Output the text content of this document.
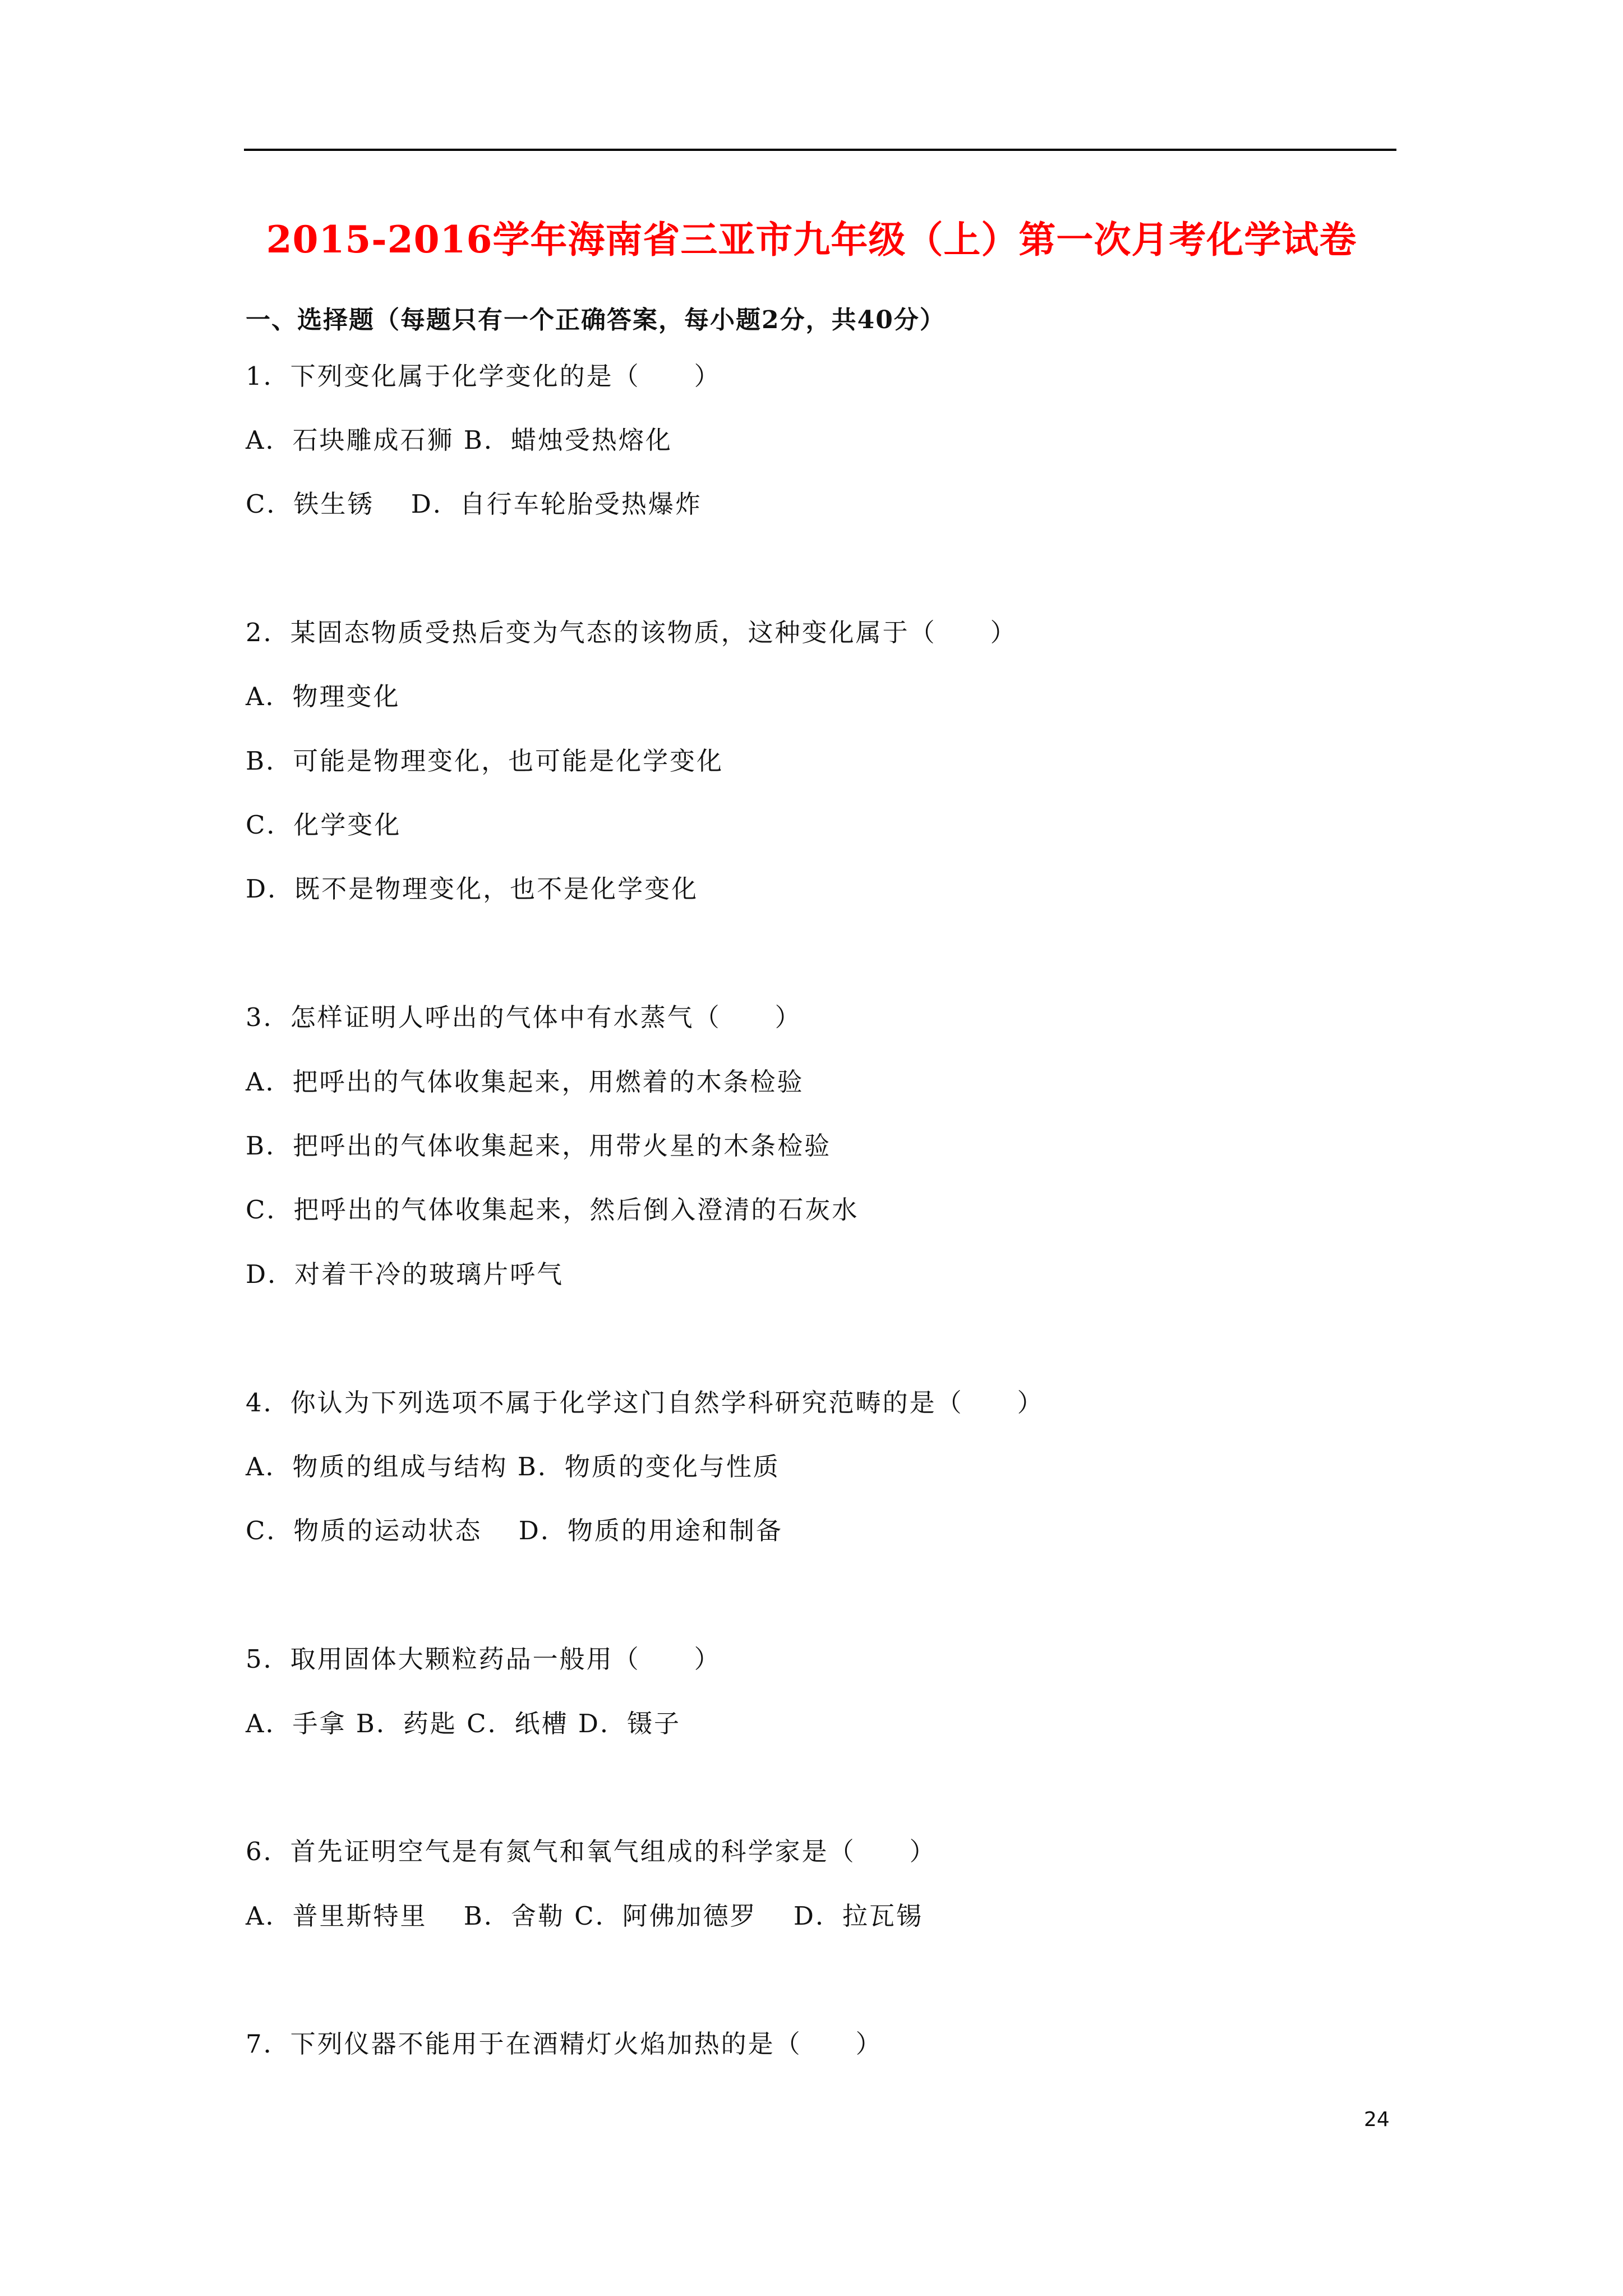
2015-2016学年海南省三亚市九年级（上）第一次月考化学试卷
一、选择题（每题只有一个正确答案，每小题2分，共40分）
1．下列变化属于化学变化的是（　　）
A．石块雕成石狮 B．蜡烛受热熔化
C．铁生锈　 D．自行车轮胎受热爆炸
2．某固态物质受热后变为气态的该物质，这种变化属于（　　）
A．物理变化
B．可能是物理变化，也可能是化学变化
C．化学变化
D．既不是物理变化，也不是化学变化
3．怎样证明人呼出的气体中有水蒸气（　　）
A．把呼出的气体收集起来，用燃着的木条检验
B．把呼出的气体收集起来，用带火星的木条检验
C．把呼出的气体收集起来，然后倒入澄清的石灰水
D．对着干冷的玻璃片呼气
4．你认为下列选项不属于化学这门自然学科研究范畴的是（　　）
A．物质的组成与结构 B．物质的变化与性质
C．物质的运动状态　 D．物质的用途和制备
5．取用固体大颗粒药品一般用（　　）
A．手拿 B．药匙 C．纸槽 D．镊子
6．首先证明空气是有氮气和氧气组成的科学家是（　　）
A．普里斯特里　 B．舍勒 C．阿佛加德罗　 D．拉瓦锡
7．下列仪器不能用于在酒精灯火焰加热的是（　　）
24
